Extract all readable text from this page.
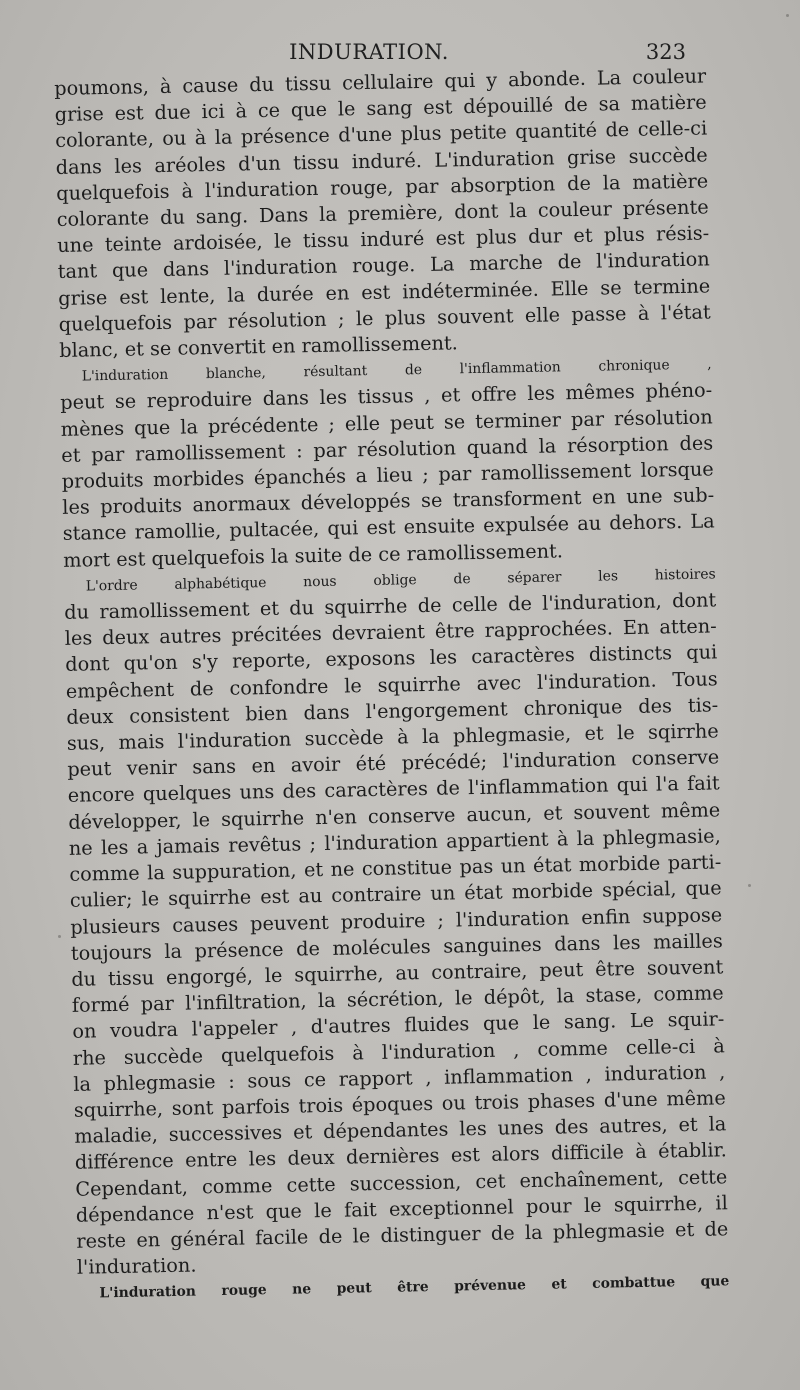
INDURATION.	323
poumons, à cause du tissu cellulaire qui y abonde. La couleur
grise est due ici à ce que le sang est dépouillé de sa matière
colorante, ou à la présence d'une plus petite quantité de celle-ci
dans les aréoles d'un tissu induré. L'induration grise succède
quelquefois à l'induration rouge, par absorption de la matière
colorante du sang. Dans la première, dont la couleur présente
une teinte ardoisée, le tissu induré est plus dur et plus résis-
tant que dans l'induration rouge. La marche de l'induration
grise est lente, la durée en est indéterminée. Elle se termine
quelquefois par résolution ; le plus souvent elle passe à l'état
blanc, et se convertit en ramollissement.
L'induration blanche, résultant de l'inflammation chronique ,
peut se reproduire dans les tissus , et offre les mêmes phéno-
mènes que la précédente ; elle peut se terminer par résolution
et par ramollissement : par résolution quand la résorption des
produits morbides épanchés a lieu ; par ramollissement lorsque
les produits anormaux développés se transforment en une sub-
stance ramollie, pultacée, qui est ensuite expulsée au dehors. La
mort est quelquefois la suite de ce ramollissement.
L'ordre alphabétique nous oblige de séparer les histoires
du ramollissement et du squirrhe de celle de l'induration, dont
les deux autres précitées devraient être rapprochées. En atten-
dont qu'on s'y reporte, exposons les caractères distincts qui
empêchent de confondre le squirrhe avec l'induration. Tous
deux consistent bien dans l'engorgement chronique des tis-
sus, mais l'induration succède à la phlegmasie, et le sqirrhe
peut venir sans en avoir été précédé; l'induration conserve
encore quelques uns des caractères de l'inflammation qui l'a fait
développer, le squirrhe n'en conserve aucun, et souvent même
ne les a jamais revêtus ; l'induration appartient à la phlegmasie,
comme la suppuration, et ne constitue pas un état morbide parti-
culier; le squirrhe est au contraire un état morbide spécial, que
plusieurs causes peuvent produire ; l'induration enfin suppose
toujours la présence de molécules sanguines dans les mailles
du tissu engorgé, le squirrhe, au contraire, peut être souvent
formé par l'infiltration, la sécrétion, le dépôt, la stase, comme
on voudra l'appeler , d'autres fluides que le sang. Le squir-
rhe succède quelquefois à l'induration , comme celle-ci à
la phlegmasie : sous ce rapport , inflammation , induration ,
squirrhe, sont parfois trois époques ou trois phases d'une même
maladie, successives et dépendantes les unes des autres, et la
différence entre les deux dernières est alors difficile à établir.
Cependant, comme cette succession, cet enchaînement, cette
dépendance n'est que le fait exceptionnel pour le squirrhe, il
reste en général facile de le distinguer de la phlegmasie et de
l'induration.
L'induration rouge ne peut être prévenue et combattue que
